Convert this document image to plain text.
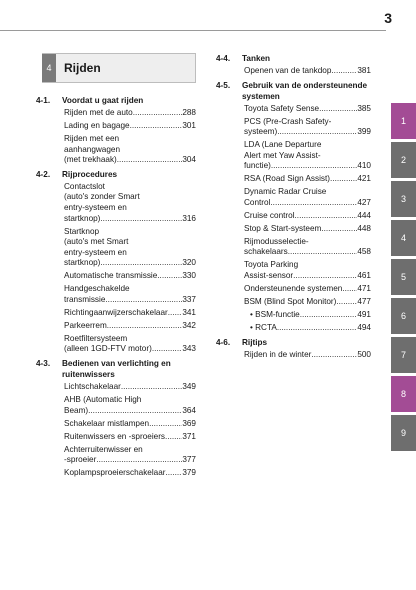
3
4	Rijden
4-1.	Voordat u gaat rijden
Rijden met de auto .....	288
Lading en bagage .....	301
Rijden met een
aanhangwagen
(met trekhaak) .....	304
4-2.	Rijprocedures
Contactslot
(auto's zonder Smart
entry-systeem en
startknop) .....	316
Startknop
(auto's met Smart
entry-systeem en
startknop) .....	320
Automatische transmissie .....	330
Handgeschakelde
transmissie .....	337
Richtingaanwijzerschakelaar ..... 341
Parkeerrem .....	342
Roetfiltersysteem
(alleen 1GD-FTV motor) .....	343
4-3.	Bedienen van verlichting en ruitenwissers
Lichtschakelaar .....	349
AHB (Automatic High
Beam) .....	364
Schakelaar mistlampen .....	369
Ruitenwissers en -sproeiers ..... 371
Achterruitenwisser en
-sproeier .....	377
Koplampsproeierschakelaar ..... 379
4-4.	Tanken
Openen van de tankdop .....	381
4-5.	Gebruik van de ondersteunende systemen
Toyota Safety Sense .....	385
PCS (Pre-Crash Safety-
systeem) .....	399
LDA (Lane Departure
Alert met Yaw Assist-
functie) .....	410
RSA (Road Sign Assist) .....	421
Dynamic Radar Cruise
Control .....	427
Cruise control .....	444
Stop & Start-systeem .....	448
Rijmodusselectie-
schakelaars .....	458
Toyota Parking
Assist-sensor .....	461
Ondersteunende systemen ..... 471
BSM (Blind Spot Monitor) .....	477
• BSM-functie .....	491
• RCTA .....	494
4-6.	Rijtips
Rijden in de winter .....	500
1
2
3
4
5
6
7
8
9
